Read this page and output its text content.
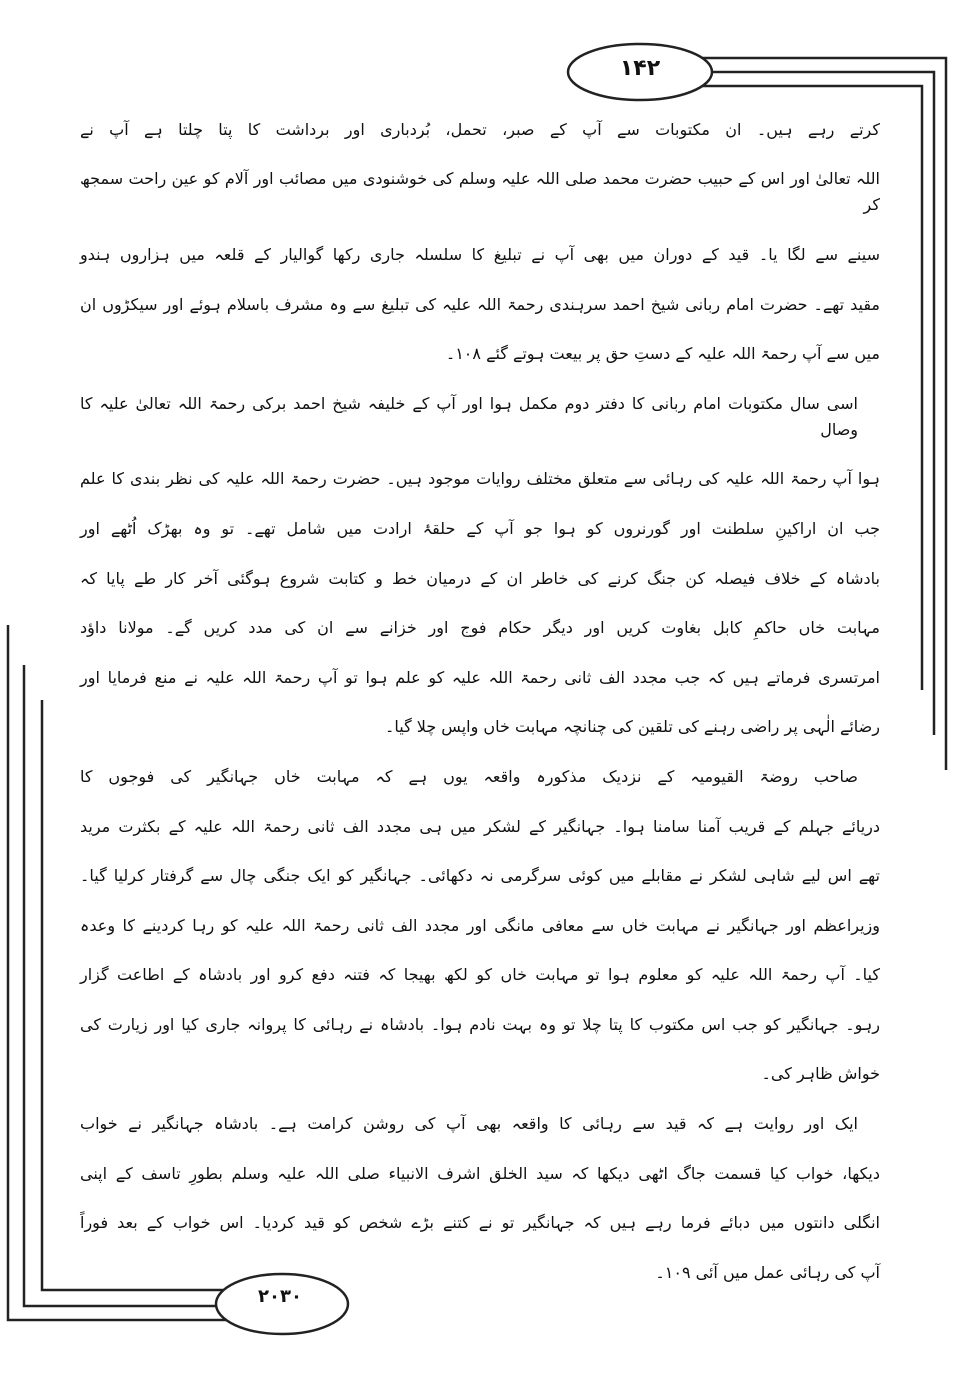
۱۴۲
۲۰۳۰
کرتے رہے ہیں۔ ان مکتوبات سے آپ کے صبر، تحمل، بُردباری اور برداشت کا پتا چلتا ہے آپ نے
اللہ تعالیٰ اور اس کے حبیب حضرت محمد صلی اللہ علیہ وسلم کی خوشنودی میں مصائب اور آلام کو عین راحت سمجھ کر
سینے سے لگا یا۔ قید کے دوران میں بھی آپ نے تبلیغ کا سلسلہ جاری رکھا گوالیار کے قلعہ میں ہزاروں ہندو
مقید تھے۔ حضرت امام ربانی شیخ احمد سرہندی رحمۃ اللہ علیہ کی تبلیغ سے وہ مشرف باسلام ہوئے اور سیکڑوں ان
میں سے آپ رحمۃ اللہ علیہ کے دستِ حق پر بیعت ہوتے گئے ۱۰۸۔
اسی سال مکتوبات امام ربانی کا دفتر دوم مکمل ہوا اور آپ کے خلیفہ شیخ احمد برکی رحمۃ اللہ تعالیٰ علیہ کا وصال
ہوا آپ رحمۃ اللہ علیہ کی رہائی سے متعلق مختلف روایات موجود ہیں۔ حضرت رحمۃ اللہ علیہ کی نظر بندی کا علم
جب ان اراکینِ سلطنت اور گورنروں کو ہوا جو آپ کے حلقۂ ارادت میں شامل تھے۔ تو وہ بھڑک اُٹھے اور
بادشاہ کے خلاف فیصلہ کن جنگ کرنے کی خاطر ان کے درمیان خط و کتابت شروع ہوگئی آخر کار طے پایا کہ
مہابت خاں حاکمِ کابل بغاوت کریں اور دیگر حکام فوج اور خزانے سے ان کی مدد کریں گے۔ مولانا داؤد
امرتسری فرماتے ہیں کہ جب مجدد الف ثانی رحمۃ اللہ علیہ کو علم ہوا تو آپ رحمۃ اللہ علیہ نے منع فرمایا اور
رضائے الٰہی پر راضی رہنے کی تلقین کی چنانچہ مہابت خاں واپس چلا گیا۔
صاحب روضۃ القیومیہ کے نزدیک مذکورہ واقعہ یوں ہے کہ مہابت خاں جہانگیر کی فوجوں کا
دریائے جہلم کے قریب آمنا سامنا ہوا۔ جہانگیر کے لشکر میں ہی مجدد الف ثانی رحمۃ اللہ علیہ کے بکثرت مرید
تھے اس لیے شاہی لشکر نے مقابلے میں کوئی سرگرمی نہ دکھائی۔ جہانگیر کو ایک جنگی چال سے گرفتار کرلیا گیا۔
وزیراعظم اور جہانگیر نے مہابت خاں سے معافی مانگی اور مجدد الف ثانی رحمۃ اللہ علیہ کو رہا کردینے کا وعدہ
کیا۔ آپ رحمۃ اللہ علیہ کو معلوم ہوا تو مہابت خاں کو لکھ بھیجا کہ فتنہ دفع کرو اور بادشاہ کے اطاعت گزار
رہو۔ جہانگیر کو جب اس مکتوب کا پتا چلا تو وہ بہت نادم ہوا۔ بادشاہ نے رہائی کا پروانہ جاری کیا اور زیارت کی
خواش ظاہر کی۔
ایک اور روایت ہے کہ قید سے رہائی کا واقعہ بھی آپ کی روشن کرامت ہے۔ بادشاہ جہانگیر نے خواب
دیکھا، خواب کیا قسمت جاگ اٹھی دیکھا کہ سید الخلق اشرف الانبیاء صلی اللہ علیہ وسلم بطورِ تاسف کے اپنی
انگلی دانتوں میں دبائے فرما رہے ہیں کہ جہانگیر تو نے کتنے بڑے شخص کو قید کردیا۔ اس خواب کے بعد فوراً
آپ کی رہائی عمل میں آئی ۱۰۹۔
